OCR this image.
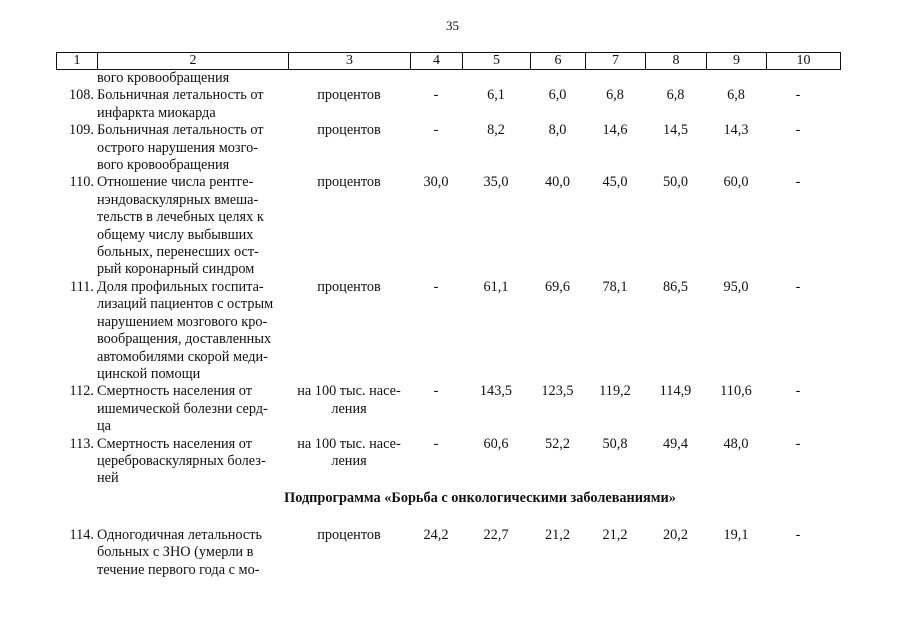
35
1	2	3	4	5	6	7	8	9	10
вого кровообращения
108. Больничная летальность от
инфаркта миокарда
процентов	-	6,1	6,0	6,8	6,8	6,8	-
109. Больничная летальность от
острого нарушения мозго-
вого кровообращения
процентов	-	8,2	8,0	14,6	14,5	14,3	-
110. Отношение числа рентге-
нэндоваскулярных вмеша-
тельств в лечебных целях к
общему числу выбывших
больных, перенесших ост-
рый коронарный синдром
процентов	30,0	35,0	40,0	45,0	50,0	60,0	-
111. Доля профильных госпита-
лизаций пациентов с острым
нарушением мозгового кро-
вообращения, доставленных
автомобилями скорой меди-
цинской помощи
процентов	-	61,1	69,6	78,1	86,5	95,0	-
112. Смертность населения от
ишемической болезни серд-
ца
на 100 тыс. насе-
ления
-	143,5	123,5	119,2	114,9	110,6	-
113. Смертность населения от
цереброваскулярных болез-
ней
на 100 тыс. насе-
ления
-	60,6	52,2	50,8	49,4	48,0	-
Подпрограмма «Борьба с онкологическими заболеваниями»
114. Одногодичная летальность
больных с ЗНО (умерли в
течение первого года с мо-
процентов	24,2	22,7	21,2	21,2	20,2	19,1	-
